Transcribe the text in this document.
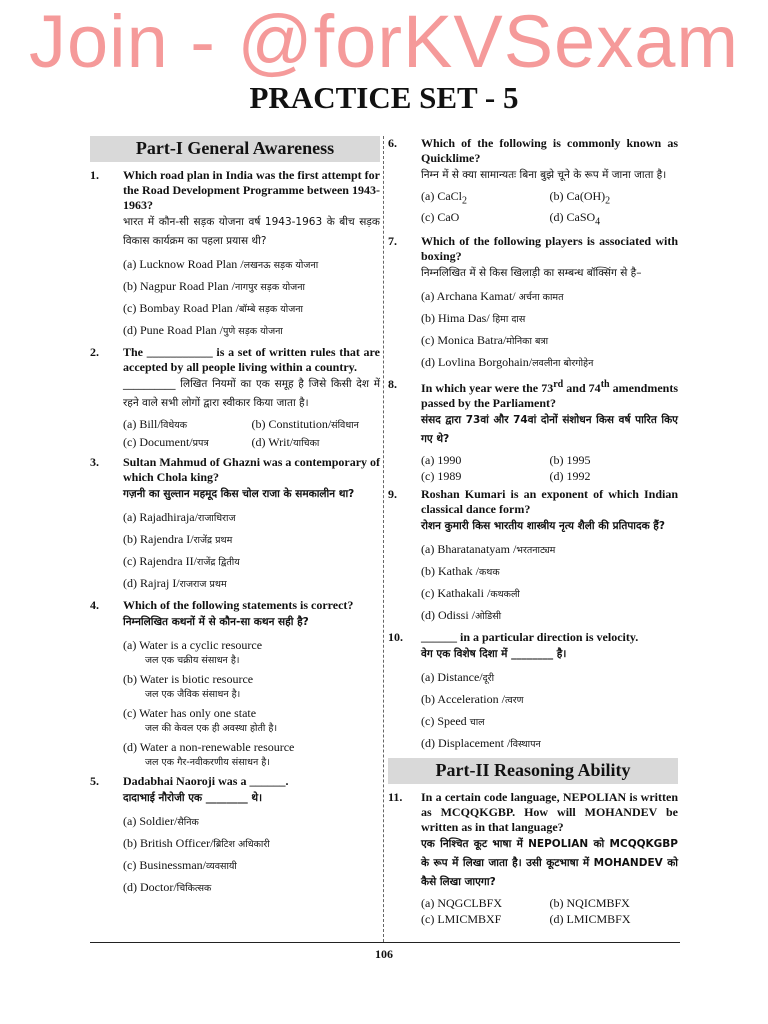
Join - @forKVSexam
PRACTICE SET - 5
Part-I General Awareness
1. Which road plan in India was the first attempt for the Road Development Programme between 1943-1963?
भारत में कौन-सी सड़क योजना वर्ष 1943-1963 के बीच सड़क विकास कार्यक्रम का पहला प्रयास थी?
(a) Lucknow Road Plan /लखनऊ सड़क योजना
(b) Nagpur Road Plan /नागपुर सड़क योजना
(c) Bombay Road Plan /बॉम्बे सड़क योजना
(d) Pune Road Plan /पुणे सड़क योजना
2. The ___________ is a set of written rules that are accepted by all people living within a country.
__________ लिखित नियमों का एक समूह है जिसे किसी देश में रहने वाले सभी लोगों द्वारा स्वीकार किया जाता है।
(a) Bill/विधेयक	(b) Constitution/संविधान
(c) Document/प्रपत्र	(d) Writ/याचिका
3. Sultan Mahmud of Ghazni was a contemporary of which Chola king?
गज़नी का सुल्तान महमूद किस चोल राजा के समकालीन था?
(a) Rajadhiraja/राजाधिराज
(b) Rajendra I/राजेंद्र प्रथम
(c) Rajendra II/राजेंद्र द्वितीय
(d) Rajraj I/राजराज प्रथम
4. Which of the following statements is correct?
निम्नलिखित कथनों में से कौन-सा कथन सही है?
(a) Water is a cyclic resource
जल एक चक्रीय संसाधन है।
(b) Water is biotic resource
जल एक जैविक संसाधन है।
(c) Water has only one state
जल की केवल एक ही अवस्था होती है।
(d) Water a non-renewable resource
जल एक गैर-नवीकरणीय संसाधन है।
5. Dadabhai Naoroji was a ______.
दादाभाई नौरोजी एक ________ थे।
(a) Soldier/सैनिक
(b) British Officer/ब्रिटिश अधिकारी
(c) Businessman/व्यवसायी
(d) Doctor/चिकित्सक
6. Which of the following is commonly known as Quicklime?
निम्न में से क्या सामान्यतः बिना बुझे चूने के रूप में जाना जाता है।
(a) CaCl$_2$	(b) $Ca(OH)_2$
(c) CaO	(d) CaSO$_4$
7. Which of the following players is associated with boxing?
निम्नलिखित में से किस खिलाड़ी का सम्बन्ध बॉक्सिंग से है–
(a) Archana Kamat/ अर्चना कामत
(b) Hima Das/ हिमा दास
(c) Monica Batra/मोनिका बत्रा
(d) Lovlina Borgohain/लवलीना बोरगोहेन
8. In which year were the 73rd and 74th amendments passed by the Parliament?
संसद द्वारा 73वां और 74वां दोनों संशोधन किस वर्ष पारित किए गए थे?
(a) 1990	(b) 1995
(c) 1989	(d) 1992
9. Roshan Kumari is an exponent of which Indian classical dance form?
रोशन कुमारी किस भारतीय शास्त्रीय नृत्य शैली की प्रतिपादक हैं?
(a) Bharatanatyam /भरतनाट्यम
(b) Kathak /कथक
(c) Kathakali /कथकली
(d) Odissi /ओडिसी
10. ______ in a particular direction is velocity.
वेग एक विशेष दिशा में ________ है।
(a) Distance/दूरी
(b) Acceleration /त्वरण
(c) Speed चाल
(d) Displacement /विस्थापन
Part-II Reasoning Ability
11. In a certain code language, NEPOLIAN is written as MCQQKGBP. How will MOHANDEV be written as in that language?
एक निश्चित कूट भाषा में NEPOLIAN को MCQQKGBP के रूप में लिखा जाता है। उसी कूटभाषा में MOHANDEV को कैसे लिखा जाएगा?
(a) NQGCLBFX	(b) NQICMBFX
(c) LMICMBXF	(d) LMICMBFX
106
